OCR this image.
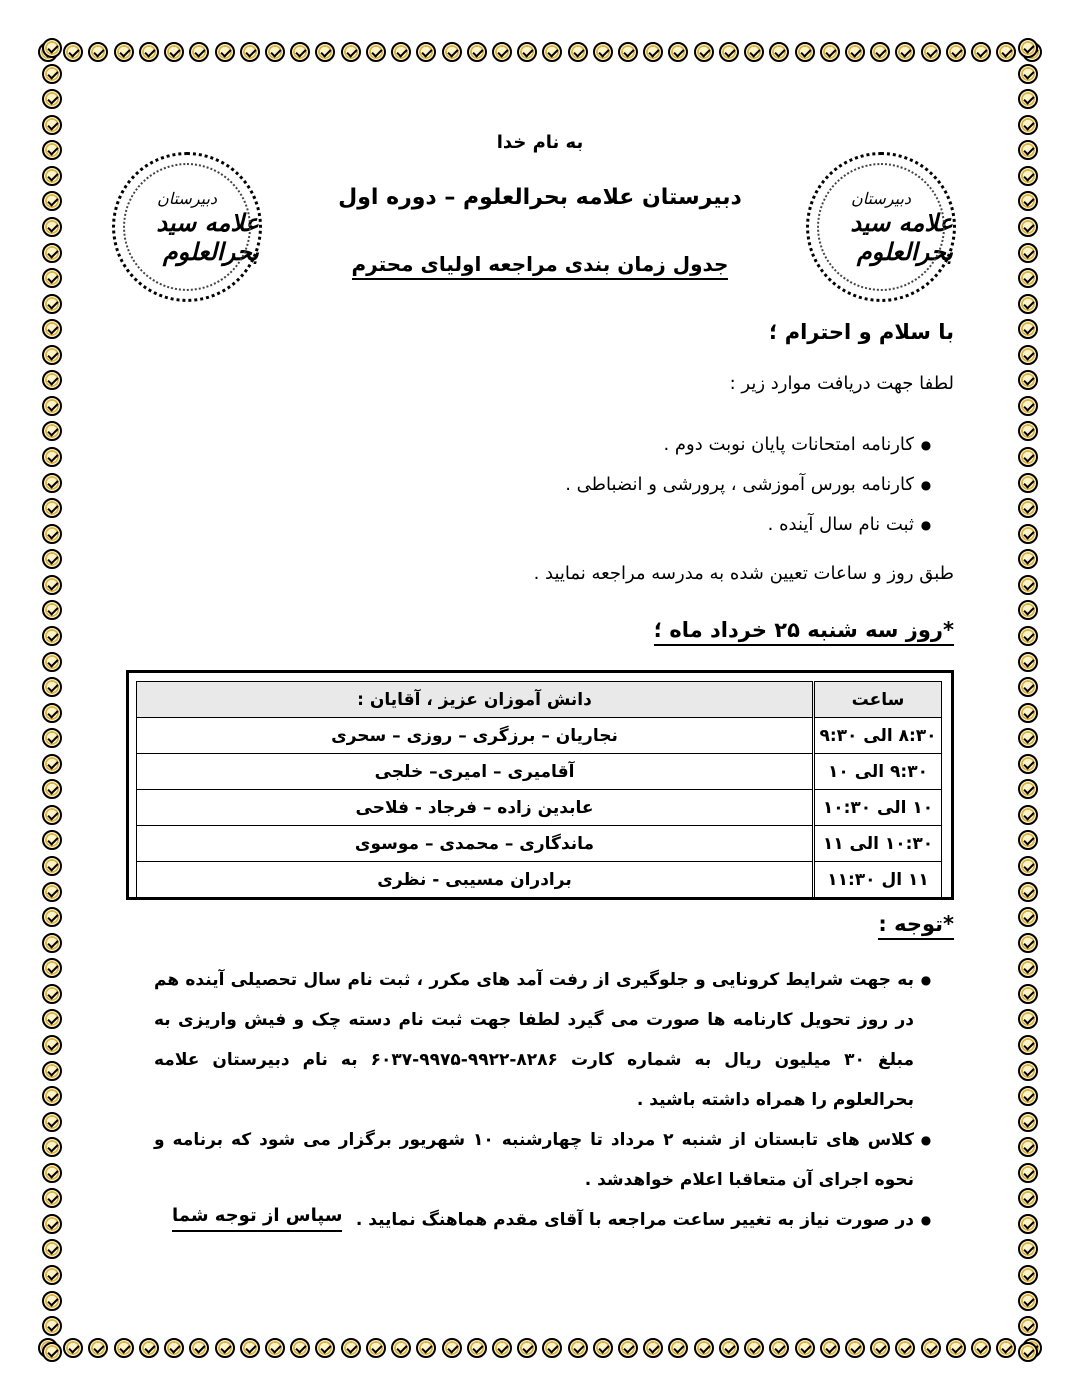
دبیرستان
علامه سید بحرالعلوم
دبیرستان
علامه سید بحرالعلوم
به نام خدا
دبیرستان علامه بحرالعلوم – دوره اول
جدول زمان بندی مراجعه اولیای محترم
با سلام و احترام ؛
لطفا جهت دریافت موارد زیر :
● کارنامه امتحانات پایان نوبت دوم .
● کارنامه بورس آموزشی ، پرورشی و انضباطی .
● ثبت نام سال آینده .
طبق روز و ساعات تعیین شده به مدرسه مراجعه نمایید .
*روز سه شنبه ۲۵ خرداد ماه ؛
ساعت	دانش آموزان عزیز ، آقایان :
۸:۳۰ الی ۹:۳۰	نجاریان – برزگری – روزی – سحری
۹:۳۰ الی ۱۰	آقامیری – امیری– خلجی
۱۰ الی ۱۰:۳۰	عابدین زاده – فرجاد - فلاحی
۱۰:۳۰ الی ۱۱	ماندگاری – محمدی – موسوی
۱۱ ال ۱۱:۳۰	برادران مسیبی - نظری
*توجه :
● به جهت شرایط کرونایی و جلوگیری از رفت آمد های مکرر ، ثبت نام سال تحصیلی آینده هم در روز تحویل کارنامه ها صورت می گیرد لطفا جهت ثبت نام دسته چک و فیش واریزی به مبلغ ۳۰ میلیون ریال به شماره کارت ۸۲۸۶-۹۹۲۲-۹۹۷۵-۶۰۳۷ به نام دبیرستان علامه بحرالعلوم را همراه داشته باشید .
● کلاس های تابستان از شنبه ۲ مرداد تا چهارشنبه ۱۰ شهریور برگزار می شود که برنامه و نحوه اجرای آن متعاقبا اعلام خواهدشد .
● در صورت نیاز به تغییر ساعت مراجعه با آقای مقدم هماهنگ نمایید .
سپاس از توجه شما
